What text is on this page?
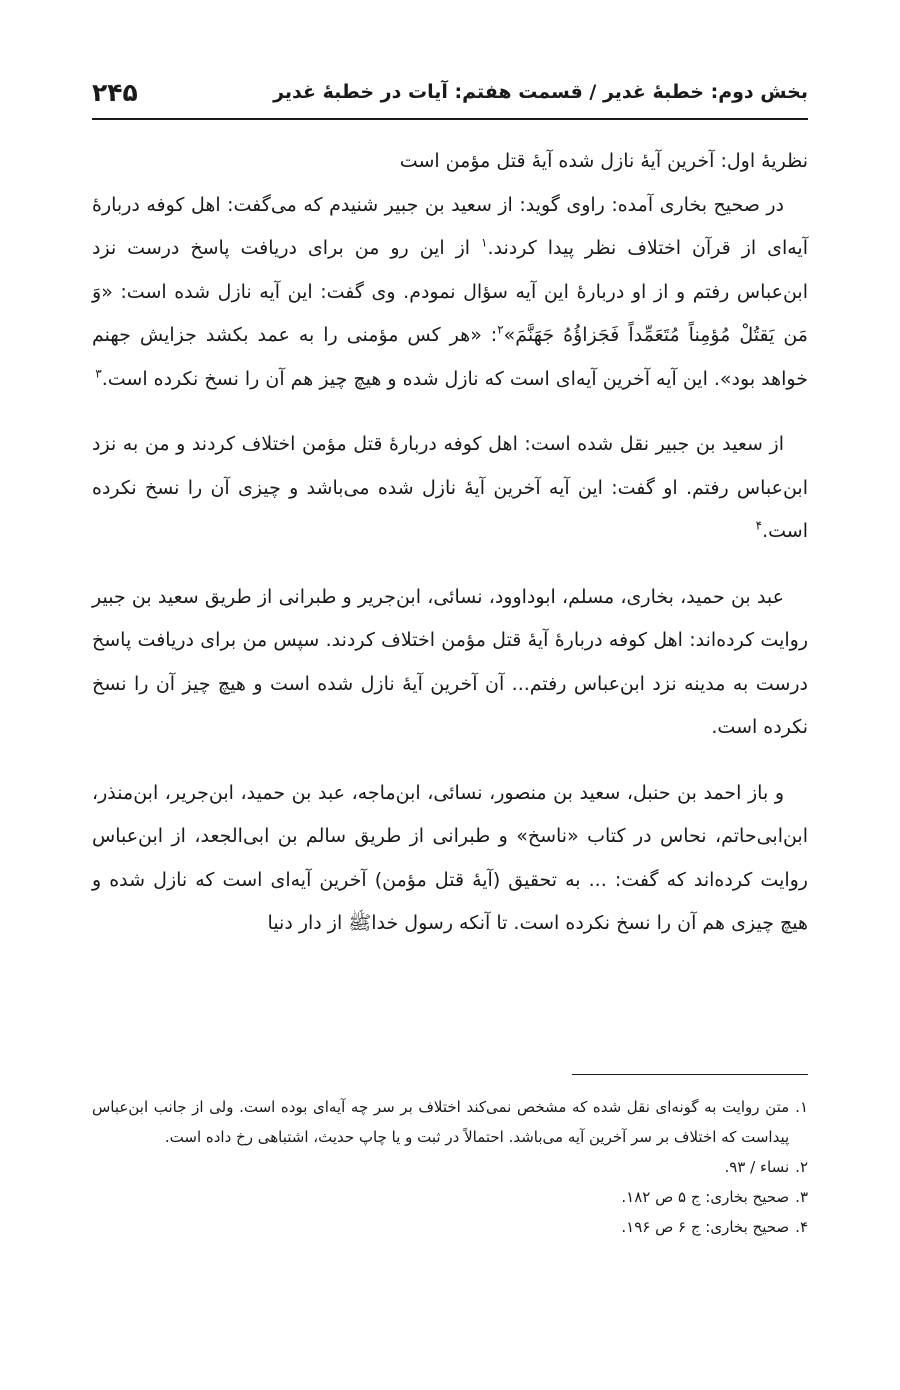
بخش دوم: خطبهٔ غدیر / قسمت هفتم: آیات در خطبهٔ غدیر
۲۴۵

نظریهٔ اول: آخرین آیهٔ نازل شده آیهٔ قتل مؤمن است

در صحیح بخاری آمده: راوی گوید: از سعید بن جبیر شنیدم که می‌گفت: اهل کوفه دربارهٔ آیه‌ای از قرآن اختلاف نظر پیدا کردند.$^۱$ از این رو من برای دریافت پاسخ درست نزد ابن‌عباس رفتم و از او دربارهٔ این آیه سؤال نمودم. وی گفت: این آیه نازل شده است: «وَ مَن يَقتُلْ مُؤمِناً مُتَعَمِّداً فَجَزاؤُهُ جَهَنَّمَ»$^۲$: «هر کس مؤمنی را به عمد بکشد جزایش جهنم خواهد بود». این آیه آخرین آیه‌ای است که نازل شده و هیچ چیز هم آن را نسخ نکرده است.$^۳$

از سعید بن جبیر نقل شده است: اهل کوفه دربارهٔ قتل مؤمن اختلاف کردند و من به نزد ابن‌عباس رفتم. او گفت: این آیه آخرین آیهٔ نازل شده می‌باشد و چیزی آن را نسخ نکرده است.$^۴$

عبد بن حمید، بخاری، مسلم، ابوداوود، نسائی، ابن‌جریر و طبرانی از طریق سعید بن جبیر روایت کرده‌اند: اهل کوفه دربارهٔ آیهٔ قتل مؤمن اختلاف کردند. سپس من برای دریافت پاسخ درست به مدینه نزد ابن‌عباس رفتم... آن آخرین آیهٔ نازل شده است و هیچ چیز آن را نسخ نکرده است.

و باز احمد بن حنبل، سعید بن منصور، نسائی، ابن‌ماجه، عبد بن حمید، ابن‌جریر، ابن‌منذر، ابن‌ابی‌حاتم، نحاس در کتاب «ناسخ» و طبرانی از طریق سالم بن ابی‌الجعد، از ابن‌عباس روایت کرده‌اند که گفت: ... به تحقیق (آیهٔ قتل مؤمن) آخرین آیه‌ای است که نازل شده و هیچ چیزی هم آن را نسخ نکرده است. تا آنکه رسول خداﷺ از دار دنیا

۱.
متن روایت به گونه‌ای نقل شده که مشخص نمی‌کند اختلاف بر سر چه آیه‌ای بوده است. ولی از جانب ابن‌عباس پیداست که اختلاف بر سر آخرین آیه می‌باشد. احتمالاً در ثبت و یا چاپ حدیث، اشتباهی رخ داده است.
۲.
نساء / ۹۳.
۳.
صحیح بخاری: ج ۵ ص ۱۸۲.
۴.
صحیح بخاری: ج ۶ ص ۱۹۶.
